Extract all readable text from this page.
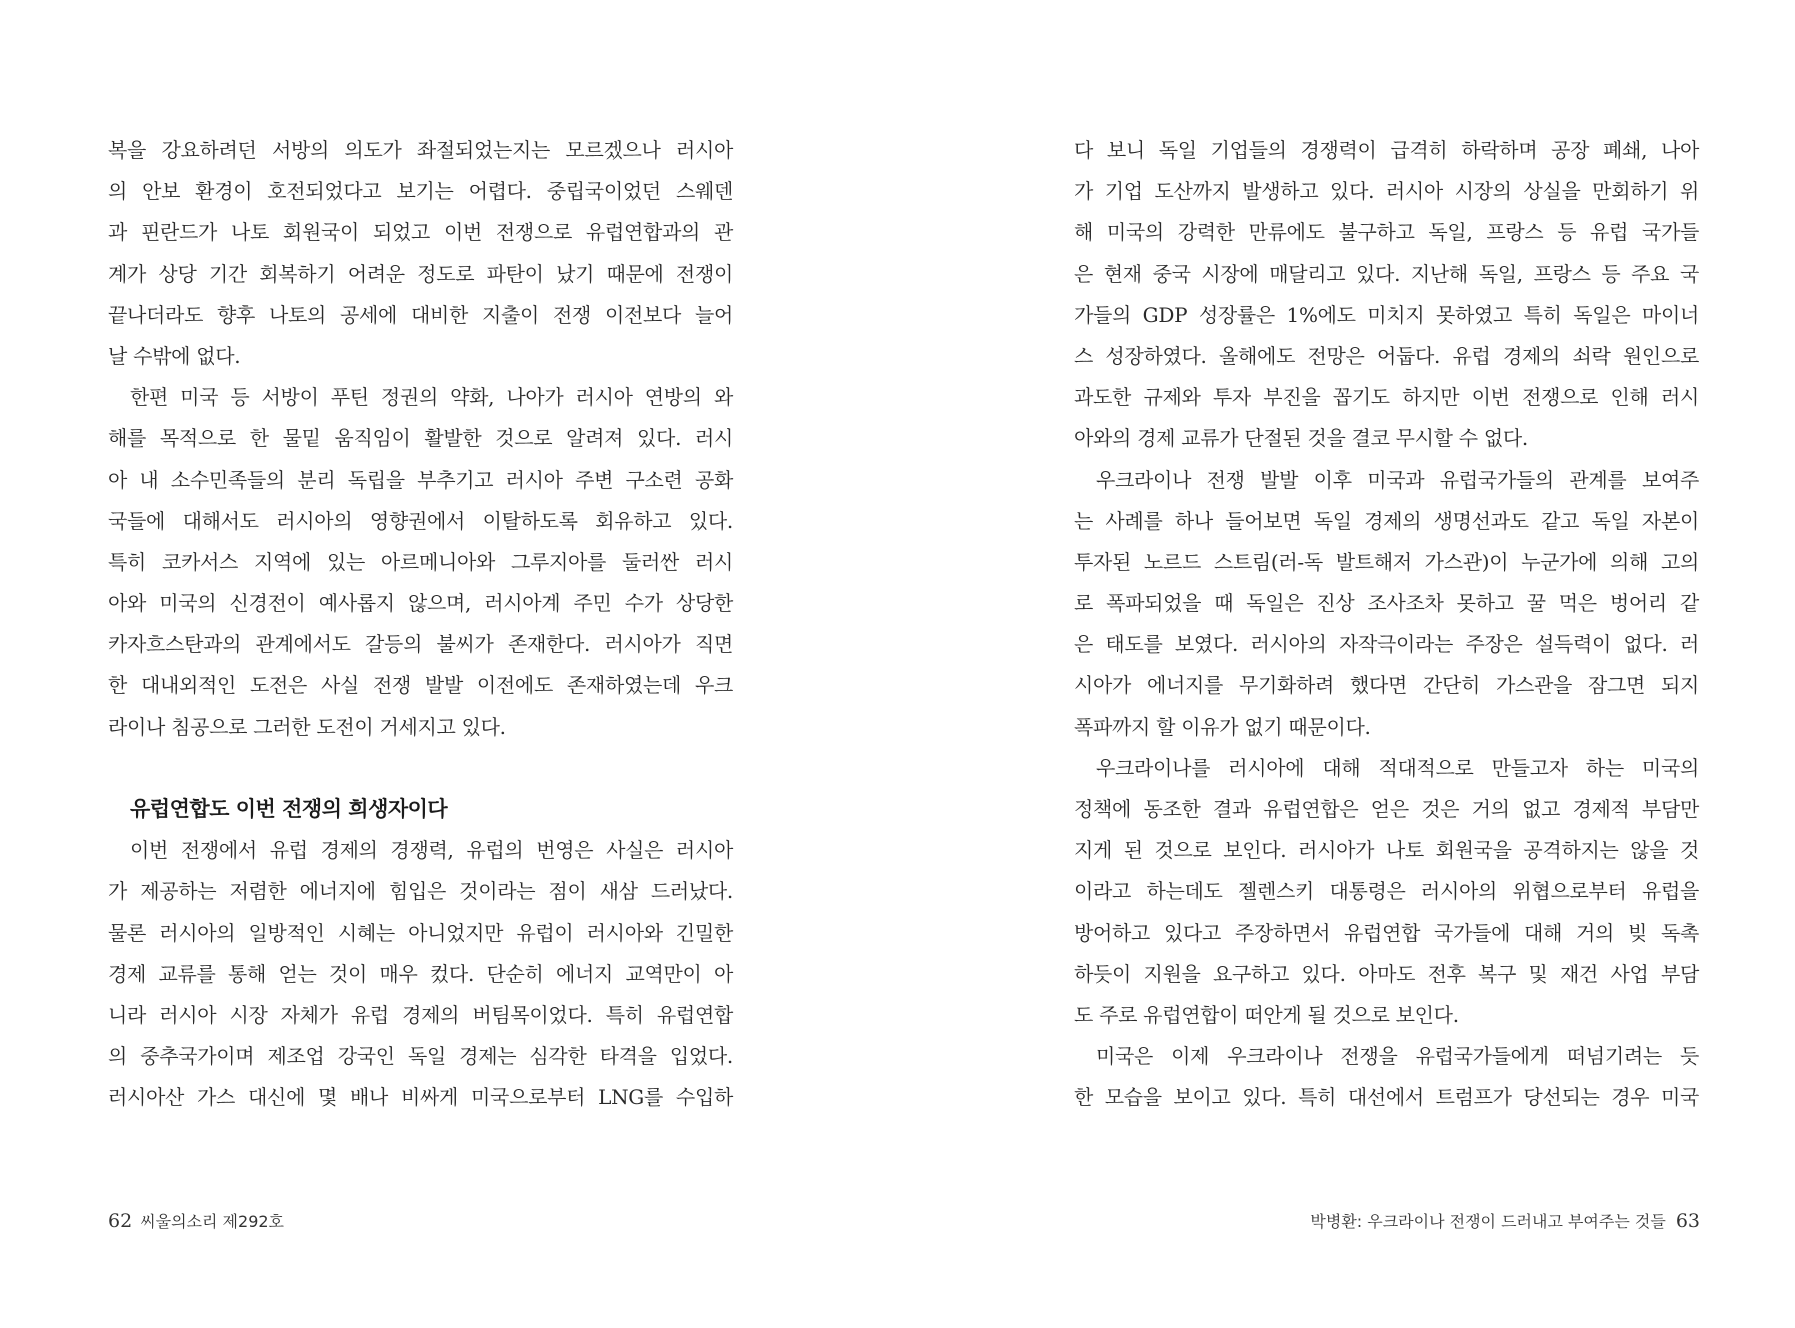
복을 강요하려던 서방의 의도가 좌절되었는지는 모르겠으나 러시아
의 안보 환경이 호전되었다고 보기는 어렵다. 중립국이었던 스웨덴
과 핀란드가 나토 회원국이 되었고 이번 전쟁으로 유럽연합과의 관
계가 상당 기간 회복하기 어려운 정도로 파탄이 났기 때문에 전쟁이
끝나더라도 향후 나토의 공세에 대비한 지출이 전쟁 이전보다 늘어
날 수밖에 없다.
한편 미국 등 서방이 푸틴 정권의 약화, 나아가 러시아 연방의 와
해를 목적으로 한 물밑 움직임이 활발한 것으로 알려져 있다. 러시
아 내 소수민족들의 분리 독립을 부추기고 러시아 주변 구소련 공화
국들에 대해서도 러시아의 영향권에서 이탈하도록 회유하고 있다.
특히 코카서스 지역에 있는 아르메니아와 그루지아를 둘러싼 러시
아와 미국의 신경전이 예사롭지 않으며, 러시아계 주민 수가 상당한
카자흐스탄과의 관계에서도 갈등의 불씨가 존재한다. 러시아가 직면
한 대내외적인 도전은 사실 전쟁 발발 이전에도 존재하였는데 우크
라이나 침공으로 그러한 도전이 거세지고 있다.
유럽연합도 이번 전쟁의 희생자이다
이번 전쟁에서 유럽 경제의 경쟁력, 유럽의 번영은 사실은 러시아
가 제공하는 저렴한 에너지에 힘입은 것이라는 점이 새삼 드러났다.
물론 러시아의 일방적인 시혜는 아니었지만 유럽이 러시아와 긴밀한
경제 교류를 통해 얻는 것이 매우 컸다. 단순히 에너지 교역만이 아
니라 러시아 시장 자체가 유럽 경제의 버팀목이었다. 특히 유럽연합
의 중추국가이며 제조업 강국인 독일 경제는 심각한 타격을 입었다.
러시아산 가스 대신에 몇 배나 비싸게 미국으로부터 LNG를 수입하
62 씨울의소리 제292호
다 보니 독일 기업들의 경쟁력이 급격히 하락하며 공장 폐쇄, 나아
가 기업 도산까지 발생하고 있다. 러시아 시장의 상실을 만회하기 위
해 미국의 강력한 만류에도 불구하고 독일, 프랑스 등 유럽 국가들
은 현재 중국 시장에 매달리고 있다. 지난해 독일, 프랑스 등 주요 국
가들의 GDP 성장률은 1%에도 미치지 못하였고 특히 독일은 마이너
스 성장하였다. 올해에도 전망은 어둡다. 유럽 경제의 쇠락 원인으로
과도한 규제와 투자 부진을 꼽기도 하지만 이번 전쟁으로 인해 러시
아와의 경제 교류가 단절된 것을 결코 무시할 수 없다.
우크라이나 전쟁 발발 이후 미국과 유럽국가들의 관계를 보여주
는 사례를 하나 들어보면 독일 경제의 생명선과도 같고 독일 자본이
투자된 노르드 스트림(러-독 발트해저 가스관)이 누군가에 의해 고의
로 폭파되었을 때 독일은 진상 조사조차 못하고 꿀 먹은 벙어리 같
은 태도를 보였다. 러시아의 자작극이라는 주장은 설득력이 없다. 러
시아가 에너지를 무기화하려 했다면 간단히 가스관을 잠그면 되지
폭파까지 할 이유가 없기 때문이다.
우크라이나를 러시아에 대해 적대적으로 만들고자 하는 미국의
정책에 동조한 결과 유럽연합은 얻은 것은 거의 없고 경제적 부담만
지게 된 것으로 보인다. 러시아가 나토 회원국을 공격하지는 않을 것
이라고 하는데도 젤렌스키 대통령은 러시아의 위협으로부터 유럽을
방어하고 있다고 주장하면서 유럽연합 국가들에 대해 거의 빚 독촉
하듯이 지원을 요구하고 있다. 아마도 전후 복구 및 재건 사업 부담
도 주로 유럽연합이 떠안게 될 것으로 보인다.
미국은 이제 우크라이나 전쟁을 유럽국가들에게 떠넘기려는 듯
한 모습을 보이고 있다. 특히 대선에서 트럼프가 당선되는 경우 미국
박병환: 우크라이나 전쟁이 드러내고 부여주는 것들 63
